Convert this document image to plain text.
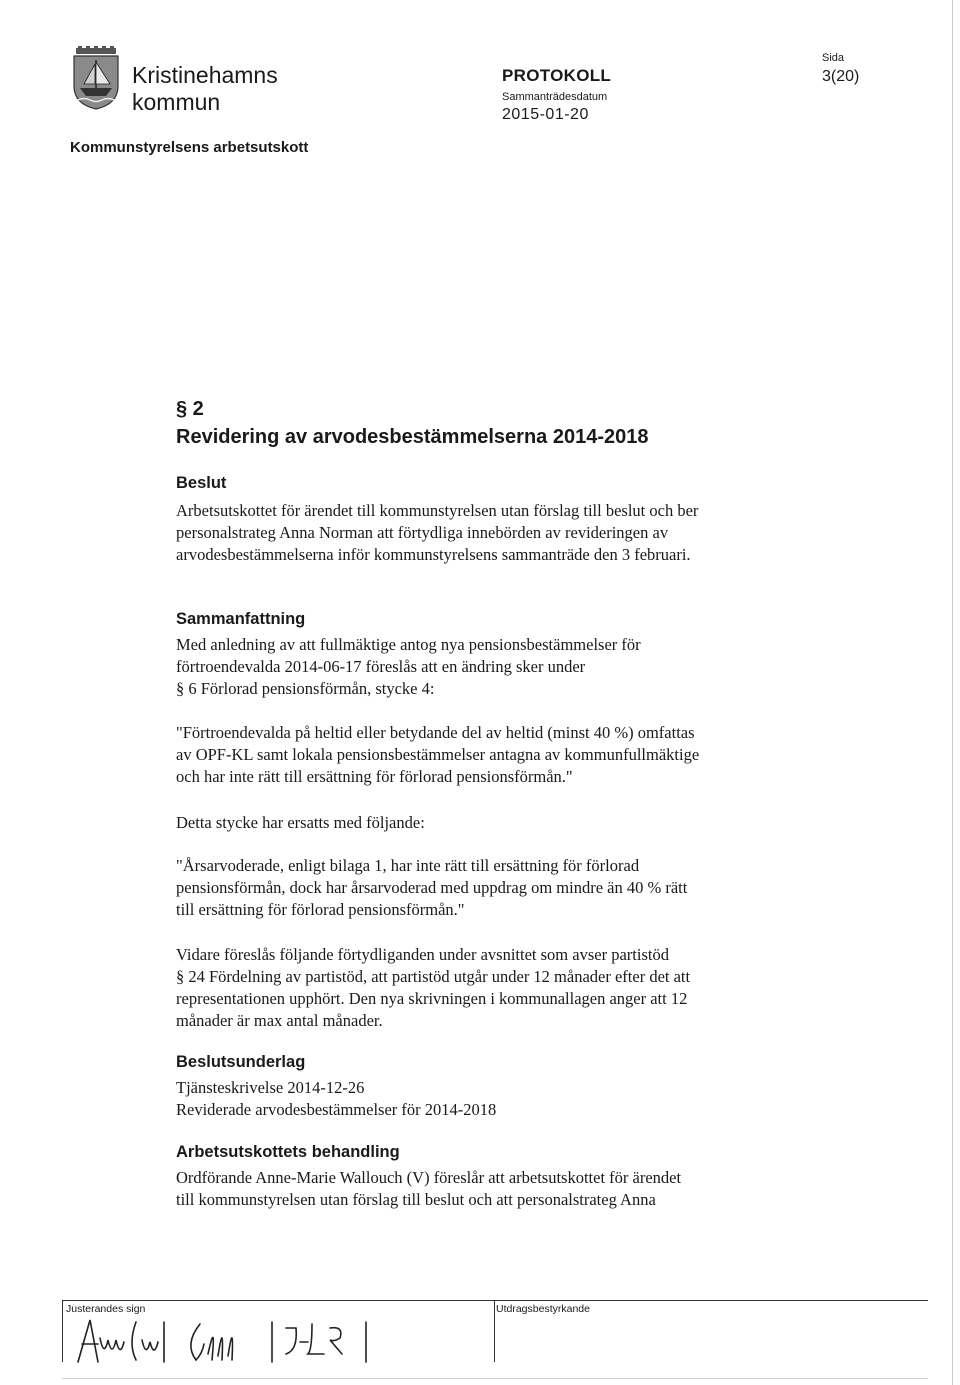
Kristinehamns
kommun
PROTOKOLL
Sammanträdesdatum
2015-01-20
Sida
3(20)
Kommunstyrelsens arbetsutskott
§ 2
Revidering av arvodesbestämmelserna 2014-2018
Beslut
Arbetsutskottet för ärendet till kommunstyrelsen utan förslag till beslut och ber
personalstrateg Anna Norman att förtydliga innebörden av revideringen av
arvodesbestämmelserna inför kommunstyrelsens sammanträde den 3 februari.
Sammanfattning
Med anledning av att fullmäktige antog nya pensionsbestämmelser för
förtroendevalda 2014-06-17 föreslås att en ändring sker under
§ 6 Förlorad pensionsförmån, stycke 4:
"Förtroendevalda på heltid eller betydande del av heltid (minst 40 %) omfattas
av OPF-KL samt lokala pensionsbestämmelser antagna av kommunfullmäktige
och har inte rätt till ersättning för förlorad pensionsförmån."
Detta stycke har ersatts med följande:
"Årsarvoderade, enligt bilaga 1, har inte rätt till ersättning för förlorad
pensionsförmån, dock har årsarvoderad med uppdrag om mindre än 40 % rätt
till ersättning för förlorad pensionsförmån."
Vidare föreslås följande förtydliganden under avsnittet som avser partistöd
§ 24 Fördelning av partistöd, att partistöd utgår under 12 månader efter det att
representationen upphört. Den nya skrivningen i kommunallagen anger att 12
månader är max antal månader.
Beslutsunderlag
Tjänsteskrivelse 2014-12-26
Reviderade arvodesbestämmelser för 2014-2018
Arbetsutskottets behandling
Ordförande Anne-Marie Wallouch (V) föreslår att arbetsutskottet för ärendet
till kommunstyrelsen utan förslag till beslut och att personalstrateg Anna
Justerandes sign	Utdragsbestyrkande
